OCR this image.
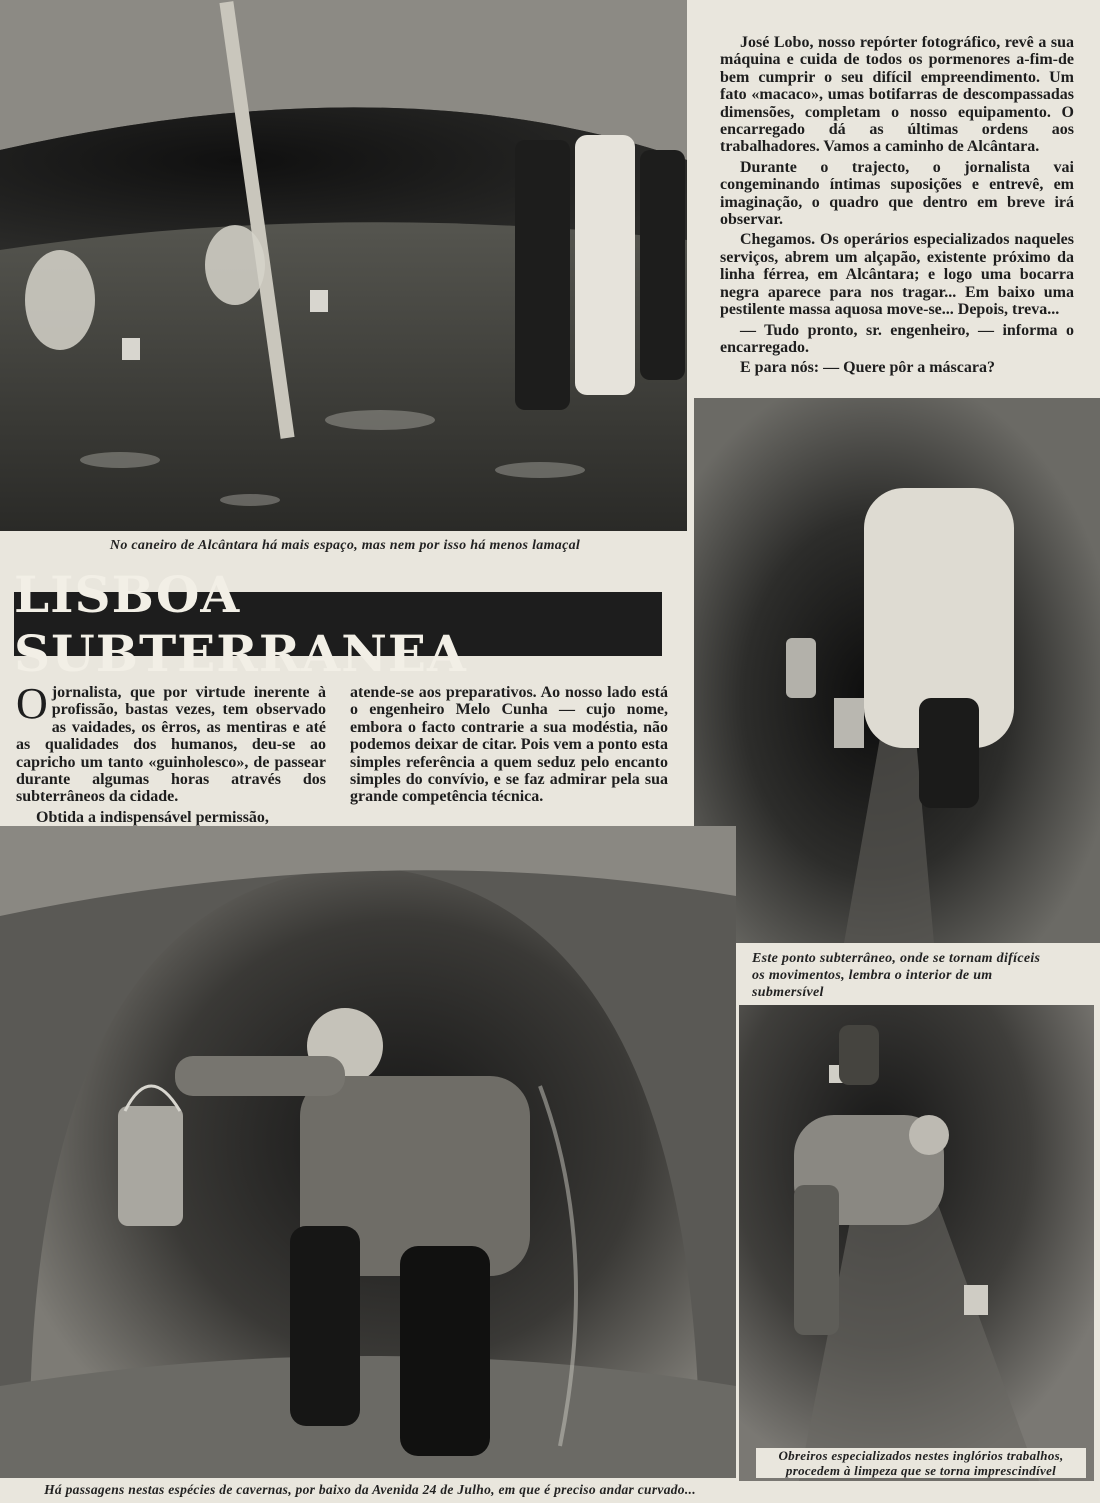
No caneiro de Alcântara há mais espaço, mas nem por isso há menos lamaçal

José Lobo, nosso repórter fotográfico, revê a sua máquina e cuida de todos os pormenores a-fim-de bem cumprir o seu difícil empreendimento. Um fato «macaco», umas botifarras de descompassadas dimensões, completam o nosso equipamento. O encarregado dá as últimas ordens aos trabalhadores. Vamos a caminho de Alcântara.

Durante o trajecto, o jornalista vai congeminando íntimas suposições e entrevê, em imaginação, o quadro que dentro em breve irá observar.

Chegamos. Os operários especializados naqueles serviços, abrem um alçapão, existente próximo da linha férrea, em Alcântara; e logo uma bocarra negra aparece para nos tragar... Em baixo uma pestilente massa aquosa move-se... Depois, treva...

— Tudo pronto, sr. engenheiro, — informa o encarregado.

E para nós: — Quere pôr a máscara?

Este ponto subterrâneo, onde se tornam difíceis os movimentos, lembra o interior de um submersível
LISBOA SUBTERRANEA

Ojornalista, que por virtude inerente à profissão, bastas vezes, tem observado as vaidades, os êrros, as mentiras e até as qualidades dos humanos, deu-se ao capricho um tanto «guinholesco», de passear durante algumas horas através dos subterrâneos da cidade.

Obtida a indispensável permissão,

atende-se aos preparativos. Ao nosso lado está o engenheiro Melo Cunha — cujo nome, embora o facto contrarie a sua modéstia, não podemos deixar de citar. Pois vem a ponto esta simples referência a quem seduz pelo encanto simples do convívio, e se faz admirar pela sua grande competência técnica.

Há passagens nestas espécies de cavernas, por baixo da Avenida 24 de Julho, em que é preciso andar curvado...
Obreiros especializados nestes inglórios trabalhos, procedem à limpeza que se torna imprescindível
